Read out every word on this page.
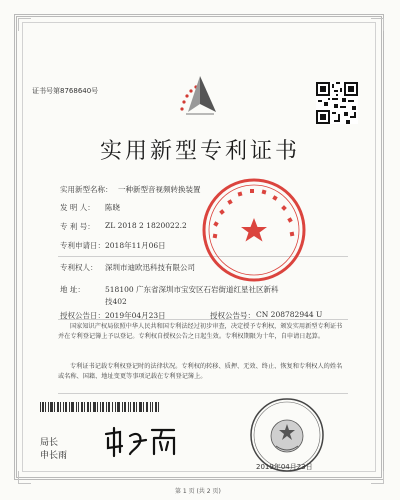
证书号第8768640号
实用新型专利证书
实用新型名称： 一种新型音视频转换装置
发 明 人： 陈晓
专 利 号： ZL 2018 2 1820022.2
专利申请日： 2018年11月06日
专利权人： 深圳市迪欧迅科技有限公司
地 址：	518100 广东省深圳市宝安区石岩街道红星社区新科
技402
授权公告日： 2019年04月23日	授权公告号： CN 208782944 U
国家知识产权局依照中华人民共和国专利法经过初步审查，决定授予专利权，颁发实用新型专利证书并在专利登记簿上予以登记。专利权自授权公告之日起生效。专利权期限为十年，自申请日起算。
专利证书记载专利权登记时的法律状况。专利权的转移、质押、无效、终止、恢复和专利权人的姓名或名称、国籍、地址变更等事项记载在专利登记簿上。
局长
申长雨
2019年04月23日
第 1 页 (共 2 页)
